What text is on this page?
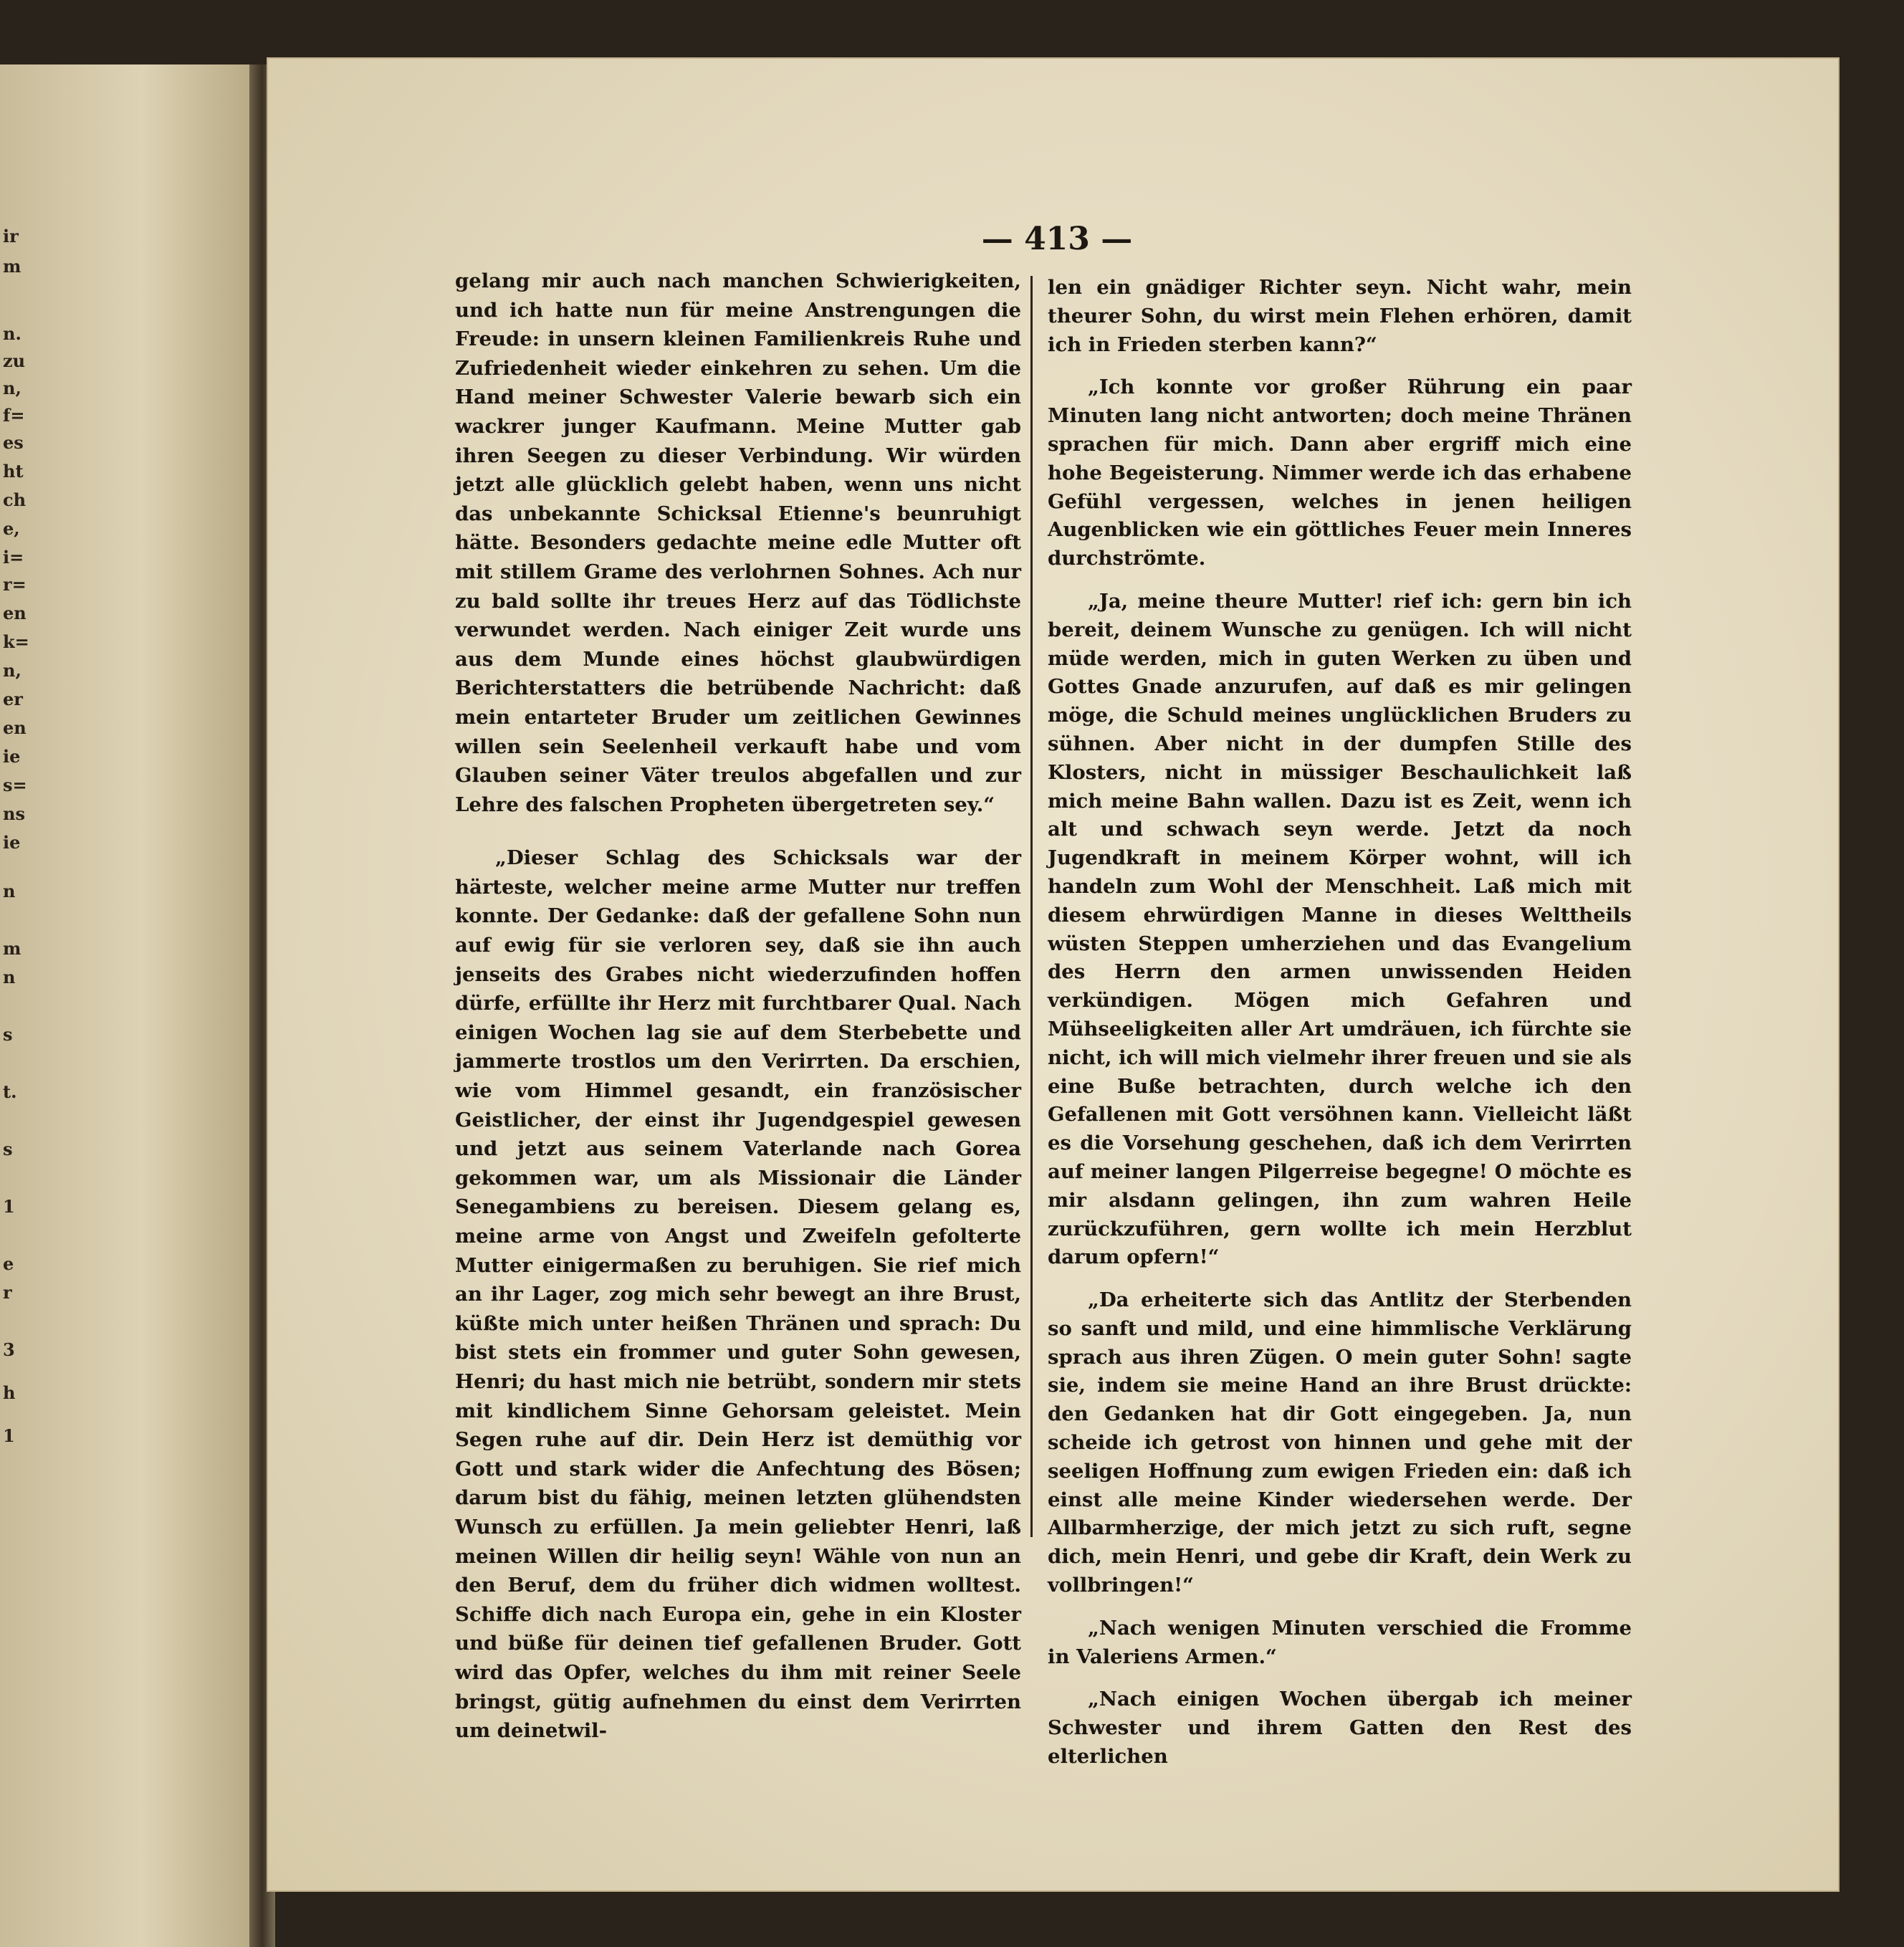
ir
m
n.
zu
n,
f=
es
ht
ch
e,
i=
r=
en
k=
n,
er
en
ie
s=
ns
ie
n
m
n
s
t.
s
1
e
r
3
h
1
— 413 —

gelang mir auch nach manchen Schwierigkeiten, und ich hatte nun für meine Anstrengungen die Freude: in unsern kleinen Familienkreis Ruhe und Zufriedenheit wieder einkehren zu sehen. Um die Hand meiner Schwester Valerie bewarb sich ein wackrer junger Kaufmann. Meine Mutter gab ihren Seegen zu dieser Verbindung. Wir würden jetzt alle glücklich gelebt haben, wenn uns nicht das unbekannte Schicksal Etienne's beunruhigt hätte. Besonders gedachte meine edle Mutter oft mit stillem Grame des verlohrnen Sohnes. Ach nur zu bald sollte ihr treues Herz auf das Tödlichste verwundet werden. Nach einiger Zeit wurde uns aus dem Munde eines höchst glaubwürdigen Berichterstatters die betrübende Nachricht: daß mein entarteter Bruder um zeitlichen Gewinnes willen sein Seelenheil verkauft habe und vom Glauben seiner Väter treulos abgefallen und zur Lehre des falschen Propheten übergetreten sey.“

„Dieser Schlag des Schicksals war der härteste, welcher meine arme Mutter nur treffen konnte. Der Gedanke: daß der gefallene Sohn nun auf ewig für sie verloren sey, daß sie ihn auch jenseits des Grabes nicht wiederzufinden hoffen dürfe, erfüllte ihr Herz mit furchtbarer Qual. Nach einigen Wochen lag sie auf dem Sterbebette und jammerte trostlos um den Verirrten. Da erschien, wie vom Himmel gesandt, ein französischer Geistlicher, der einst ihr Jugendgespiel gewesen und jetzt aus seinem Vaterlande nach Gorea gekommen war, um als Missionair die Länder Senegambiens zu bereisen. Diesem gelang es, meine arme von Angst und Zweifeln gefolterte Mutter einigermaßen zu beruhigen. Sie rief mich an ihr Lager, zog mich sehr bewegt an ihre Brust, küßte mich unter heißen Thränen und sprach: Du bist stets ein frommer und guter Sohn gewesen, Henri; du hast mich nie betrübt, sondern mir stets mit kindlichem Sinne Gehorsam geleistet. Mein Segen ruhe auf dir. Dein Herz ist demüthig vor Gott und stark wider die Anfechtung des Bösen; darum bist du fähig, meinen letzten glühendsten Wunsch zu erfüllen. Ja mein geliebter Henri, laß meinen Willen dir heilig seyn! Wähle von nun an den Beruf, dem du früher dich widmen wolltest. Schiffe dich nach Europa ein, gehe in ein Kloster und büße für deinen tief gefallenen Bruder. Gott wird das Opfer, welches du ihm mit reiner Seele bringst, gütig aufnehmen du einst dem Verirrten um deinetwil-

len ein gnädiger Richter seyn. Nicht wahr, mein theurer Sohn, du wirst mein Flehen erhören, damit ich in Frieden sterben kann?“

„Ich konnte vor großer Rührung ein paar Minuten lang nicht antworten; doch meine Thränen sprachen für mich. Dann aber ergriff mich eine hohe Begeisterung. Nimmer werde ich das erhabene Gefühl vergessen, welches in jenen heiligen Augenblicken wie ein göttliches Feuer mein Inneres durchströmte.

„Ja, meine theure Mutter! rief ich: gern bin ich bereit, deinem Wunsche zu genügen. Ich will nicht müde werden, mich in guten Werken zu üben und Gottes Gnade anzurufen, auf daß es mir gelingen möge, die Schuld meines unglücklichen Bruders zu sühnen. Aber nicht in der dumpfen Stille des Klosters, nicht in müssiger Beschaulichkeit laß mich meine Bahn wallen. Dazu ist es Zeit, wenn ich alt und schwach seyn werde. Jetzt da noch Jugendkraft in meinem Körper wohnt, will ich handeln zum Wohl der Menschheit. Laß mich mit diesem ehrwürdigen Manne in dieses Welttheils wüsten Steppen umherziehen und das Evangelium des Herrn den armen unwissenden Heiden verkündigen. Mögen mich Gefahren und Mühseeligkeiten aller Art umdräuen, ich fürchte sie nicht, ich will mich vielmehr ihrer freuen und sie als eine Buße betrachten, durch welche ich den Gefallenen mit Gott versöhnen kann. Vielleicht läßt es die Vorsehung geschehen, daß ich dem Verirrten auf meiner langen Pilgerreise begegne! O möchte es mir alsdann gelingen, ihn zum wahren Heile zurückzuführen, gern wollte ich mein Herzblut darum opfern!“

„Da erheiterte sich das Antlitz der Sterbenden so sanft und mild, und eine himmlische Verklärung sprach aus ihren Zügen. O mein guter Sohn! sagte sie, indem sie meine Hand an ihre Brust drückte: den Gedanken hat dir Gott eingegeben. Ja, nun scheide ich getrost von hinnen und gehe mit der seeligen Hoffnung zum ewigen Frieden ein: daß ich einst alle meine Kinder wiedersehen werde. Der Allbarmherzige, der mich jetzt zu sich ruft, segne dich, mein Henri, und gebe dir Kraft, dein Werk zu vollbringen!“

„Nach wenigen Minuten verschied die Fromme in Valeriens Armen.“

„Nach einigen Wochen übergab ich meiner Schwester und ihrem Gatten den Rest des elterlichen
